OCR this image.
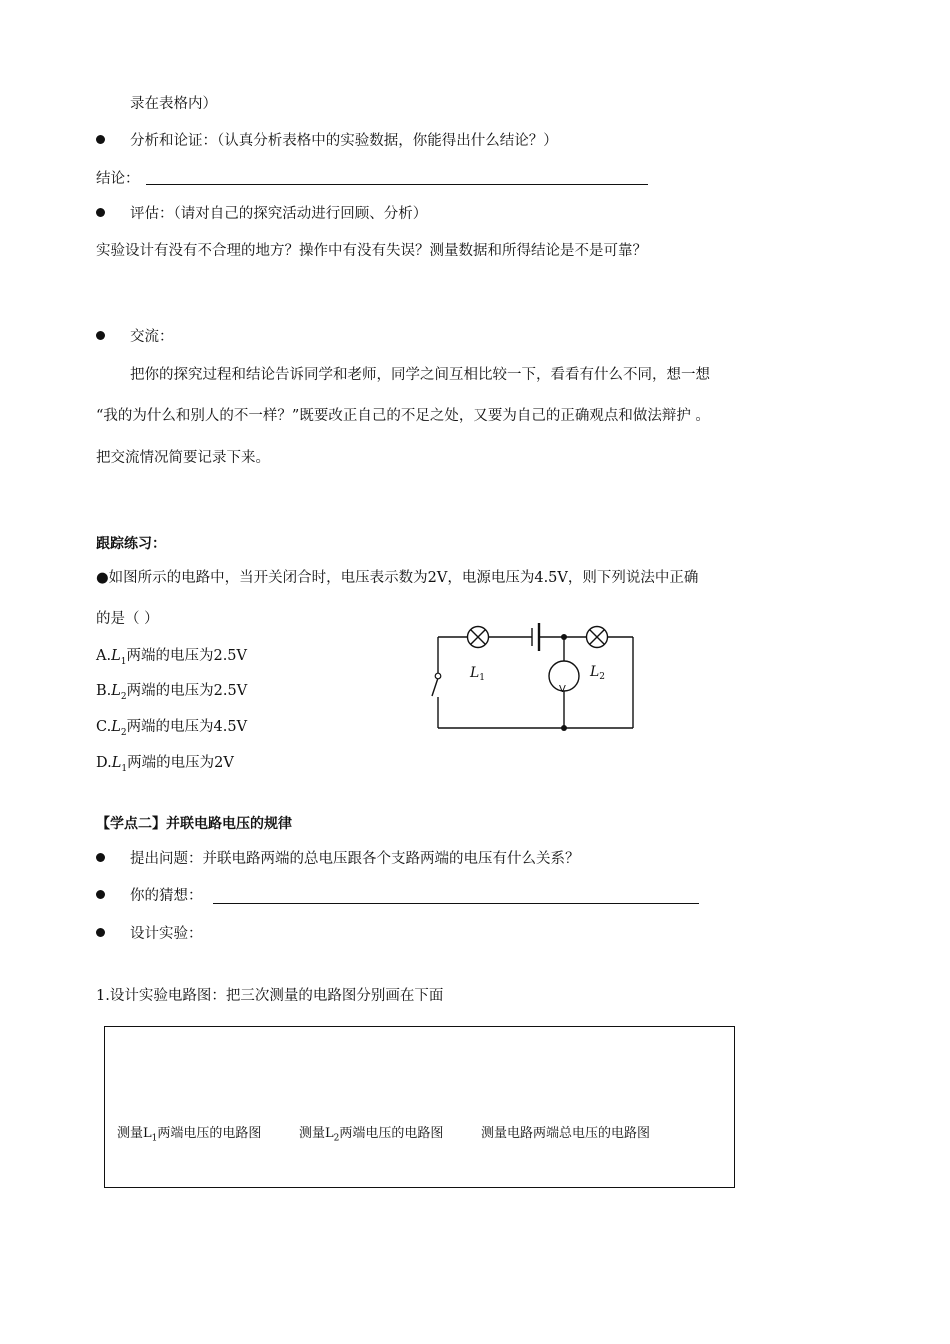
录在表格内）
分析和论证：（认真分析表格中的实验数据，你能得出什么结论？）
结论：
评估：（请对自己的探究活动进行回顾、分析）
实验设计有没有不合理的地方？操作中有没有失误？测量数据和所得结论是不是可靠？
交流：
把你的探究过程和结论告诉同学和老师，同学之间互相比较一下，看看有什么不同，想一想
“我的为什么和别人的不一样？”既要改正自己的不足之处，又要为自己的正确观点和做法辩护 。
把交流情况简要记录下来。
跟踪练习：
●如图所示的电路中，当开关闭合时，电压表示数为2V，电源电压为4.5V，则下列说法中正确
的是（ ）
$A.L_1$两端的电压为2.5V
$B.L_2$两端的电压为2.5V
$C.L_2$两端的电压为4.5V
$D.L_1$两端的电压为2V
$L_1$	$L_2$
V
【学点二】并联电路电压的规律
提出问题：并联电路两端的总电压跟各个支路两端的电压有什么关系？
你的猜想：
设计实验：
1.设计实验电路图：把三次测量的电路图分别画在下面
测量$L_1$两端电压的电路图	测量$L_2$两端电压的电路图	测量电路两端总电压的电路图
